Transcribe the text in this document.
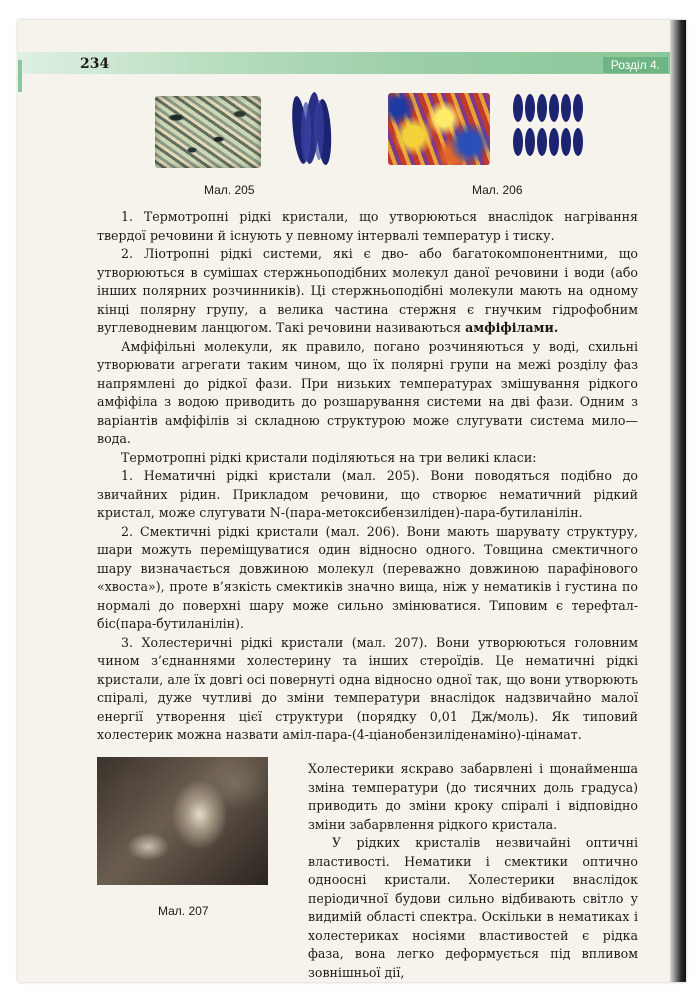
234	Розділ 4.
Мал. 205	Мал. 206

1. Термотропні рідкі кристали, що утворюються внаслідок нагрівання твердої речовини й існують у певному інтервалі температур і тиску.

2. Ліотропні рідкі системи, які є дво- або багатокомпонентними, що утворюються в сумішах стержньоподібних молекул даної речовини і води (або інших полярних розчинників). Ці стержньоподібні молекули мають на одному кінці полярну групу, а велика частина стержня є гнучким гідрофобним вуглеводневим ланцюгом. Такі речовини називаються амфіфілами.

Амфіфільні молекули, як правило, погано розчиняються у воді, схильні утворювати агрегати таким чином, що їх полярні групи на межі розділу фаз напрямлені до рідкої фази. При низьких температурах змішування рідкого амфіфіла з водою приводить до розшарування системи на дві фази. Одним з варіантів амфіфілів зі складною структурою може слугувати система мило—вода.

Термотропні рідкі кристали поділяються на три великі класи:

1. Нематичні рідкі кристали (мал. 205). Вони поводяться подібно до звичайних рідин. Прикладом речовини, що створює нематичний рідкий кристал, може слугувати N-(пара-метоксибензиліден)-пара-бутиланілін.

2. Смектичні рідкі кристали (мал. 206). Вони мають шарувату структуру, шари можуть переміщуватися один відносно одного. Товщина смектичного шару визначається довжиною молекул (переважно довжиною парафінового «хвоста»), проте в’язкість смектиків значно вища, ніж у нематиків і густина по нормалі до поверхні шару може сильно змінюватися. Типовим є терефтал-біс(пара-бутиланілін).

3. Холестеричні рідкі кристали (мал. 207). Вони утворюються головним чином з’єднаннями холестерину та інших стероїдів. Це нематичні рідкі кристали, але їх довгі осі повернуті одна відносно одної так, що вони утворюють спіралі, дуже чутливі до зміни температури внаслідок надзвичайно малої енергії утворення цієї структури (порядку 0,01 Дж/моль). Як типовий холестерик можна назвати аміл-пара-(4-ціанобензиліденаміно)-цінамат.

Мал. 207

Холестерики яскраво забарвлені і щонайменша зміна температури (до тисячних доль градуса) приводить до зміни кроку спіралі і відповідно зміни забарвлення рідкого кристала.

У рідких кристалів незвичайні оптичні властивості. Нематики і смектики оптично одноосні кристали. Холестерики внаслідок періодичної будови сильно відбивають світло у видимій області спектра. Оскільки в нематиках і холестериках носіями властивостей є рідка фаза, вона легко деформується під впливом зовнішньої дії,
